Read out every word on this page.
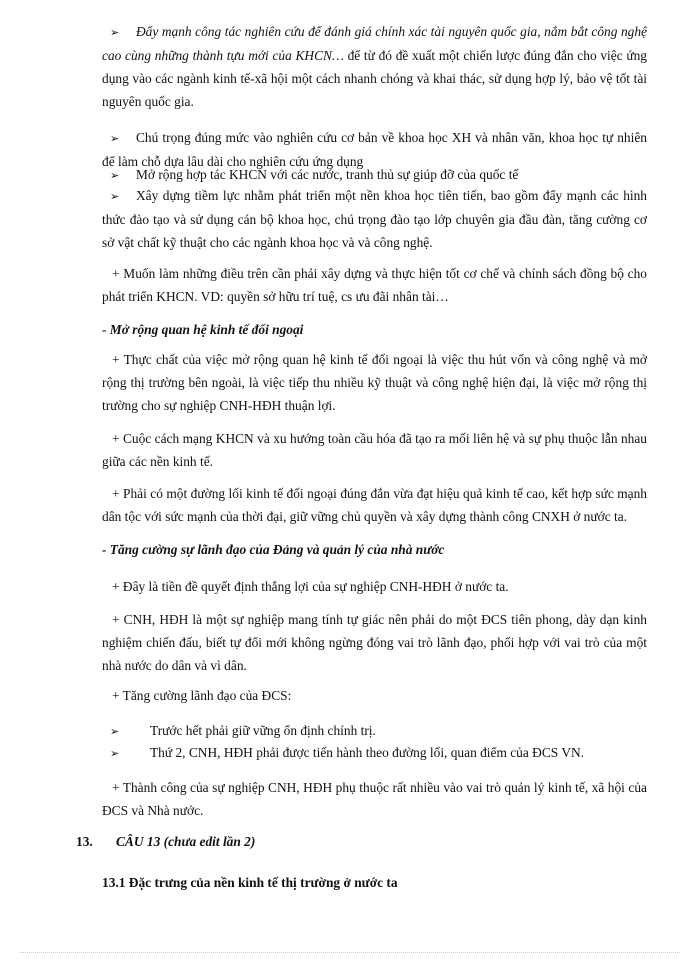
➢ Đẩy mạnh công tác nghiên cứu để đánh giá chính xác tài nguyên quốc gia, nắm bắt công nghệ cao cùng những thành tựu mới của KHCN… để từ đó đề xuất một chiến lược đúng đắn cho việc ứng dụng vào các ngành kinh tế-xã hội một cách nhanh chóng và khai thác, sử dụng hợp lý, bảo vệ tốt tài nguyên quốc gia.

➢ Chú trọng đúng mức vào nghiên cứu cơ bản về khoa học XH và nhân văn, khoa học tự nhiên để làm chỗ dựa lâu dài cho nghiên cứu ứng dụng

➢ Mở rộng hợp tác KHCN với các nước, tranh thủ sự giúp đỡ của quốc tế

➢ Xây dựng tiềm lực nhằm phát triển một nền khoa học tiên tiến, bao gồm đẩy mạnh các hình thức đào tạo và sử dụng cán bộ khoa học, chú trọng đào tạo lớp chuyên gia đầu đàn, tăng cường cơ sở vật chất kỹ thuật cho các ngành khoa học và và công nghệ.

+ Muốn làm những điều trên cần phải xây dựng và thực hiện tốt cơ chế và chính sách đồng bộ cho phát triển KHCN. VD: quyền sở hữu trí tuệ, cs ưu đãi nhân tài…

- Mở rộng quan hệ kinh tế đối ngoại

+ Thực chất của việc mở rộng quan hệ kinh tế đối ngoại là việc thu hút vốn và công nghệ và mở rộng thị trường bên ngoài, là việc tiếp thu nhiều kỹ thuật và công nghệ hiện đại, là việc mở rộng thị trường cho sự nghiệp CNH-HĐH thuận lợi.

+ Cuộc cách mạng KHCN và xu hướng toàn cầu hóa đã tạo ra mối liên hệ và sự phụ thuộc lẫn nhau giữa các nền kinh tế.

+ Phải có một đường lối kinh tế đối ngoại đúng đắn vừa đạt hiệu quả kinh tế cao, kết hợp sức mạnh dân tộc với sức mạnh của thời đại, giữ vững chủ quyền và xây dựng thành công CNXH ở nước ta.

- Tăng cường sự lãnh đạo của Đảng và quản lý của nhà nước

+ Đây là tiền đề quyết định thắng lợi của sự nghiệp CNH-HĐH ở nước ta.

+ CNH, HĐH là một sự nghiệp mang tính tự giác nên phải do một ĐCS tiên phong, dày dạn kinh nghiệm chiến đấu, biết tự đổi mới không ngừng đóng vai trò lãnh đạo, phối hợp với vai trò của một nhà nước do dân và vì dân.

+ Tăng cường lãnh đạo của ĐCS:

➢ Trước hết phải giữ vững ổn định chính trị.

➢ Thứ 2, CNH, HĐH phải được tiến hành theo đường lối, quan điểm của ĐCS VN.

+ Thành công của sự nghiệp CNH, HĐH phụ thuộc rất nhiều vào vai trò quản lý kinh tế, xã hội của ĐCS và Nhà nước.

13. CÂU 13 (chưa edit lần 2)

13.1 Đặc trưng của nền kinh tế thị trường ở nước ta
